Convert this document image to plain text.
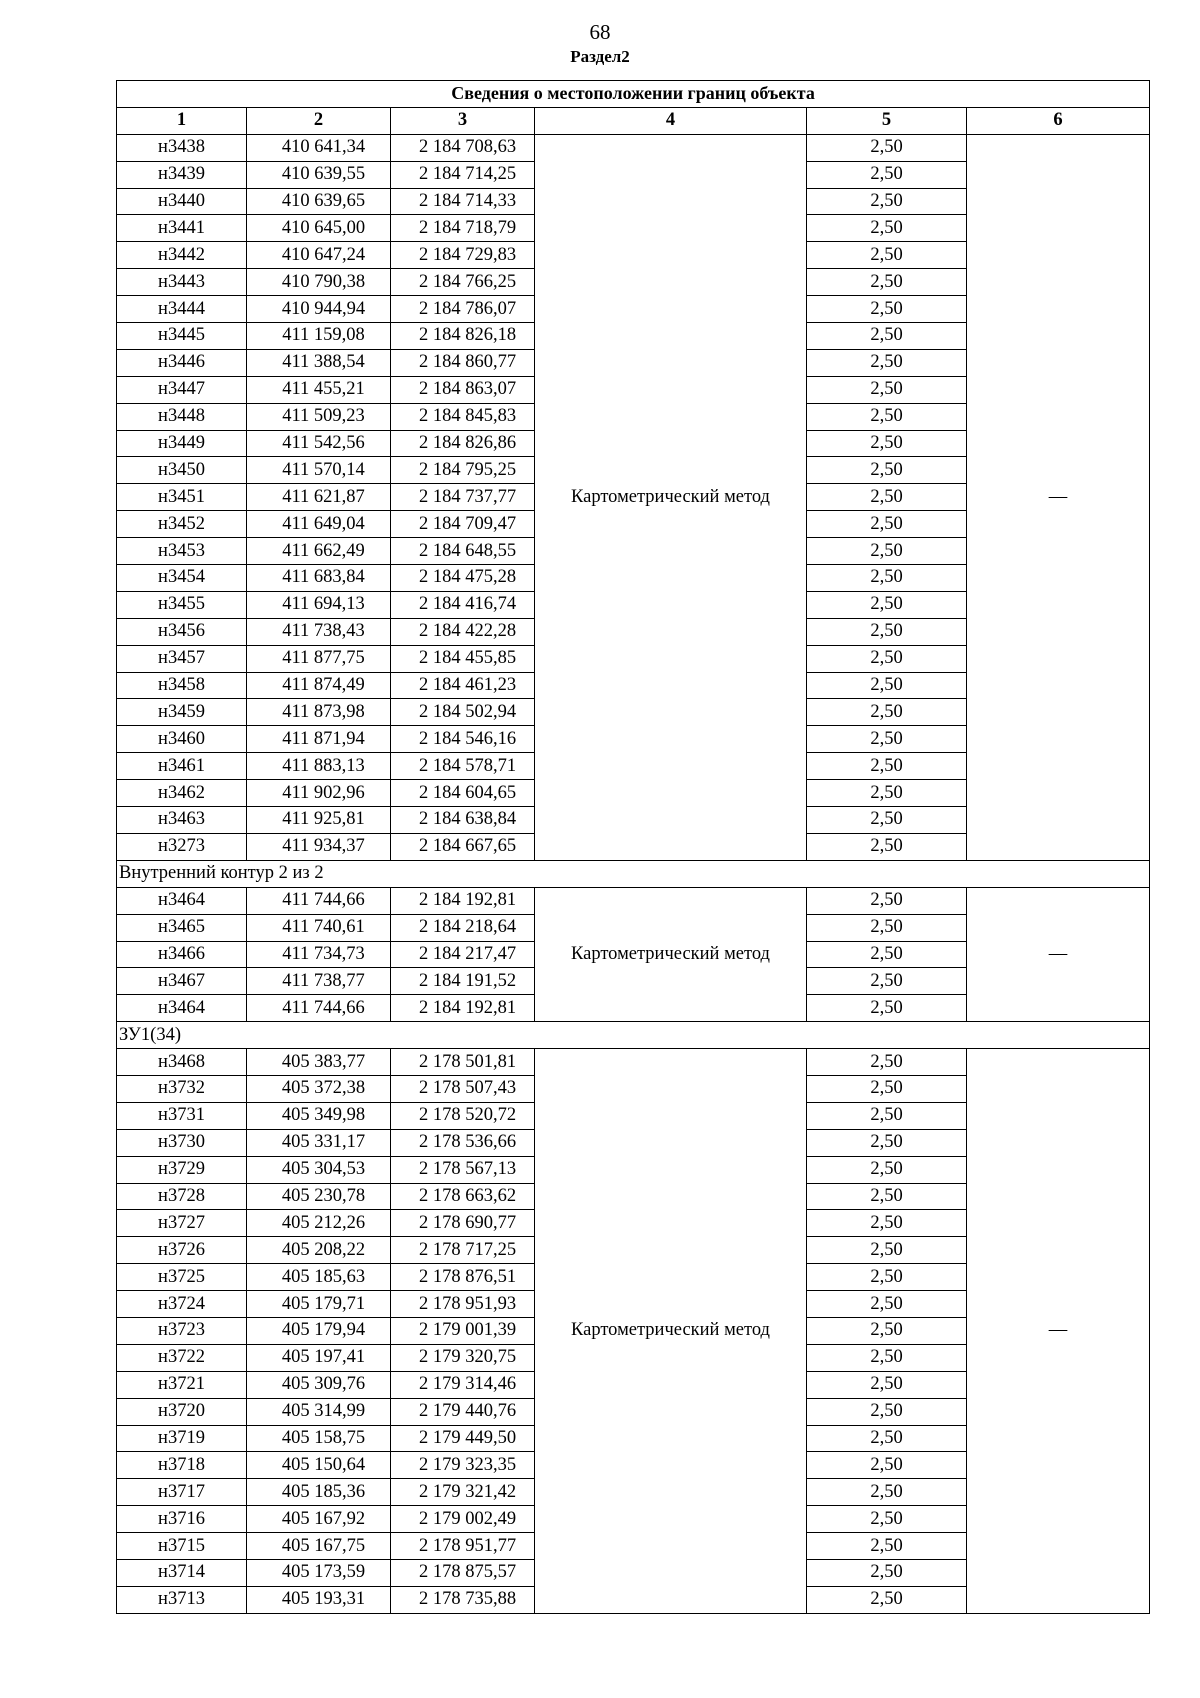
68
Раздел2
Сведения о местоположении границ объекта					
1	2	3	4	5	6
н3438	410 641,34	2 184 708,63	Картометрический метод	2,50	—
н3439	410 639,55	2 184 714,25		2,50	
н3440	410 639,65	2 184 714,33		2,50	
н3441	410 645,00	2 184 718,79		2,50	
н3442	410 647,24	2 184 729,83		2,50	
н3443	410 790,38	2 184 766,25		2,50	
н3444	410 944,94	2 184 786,07		2,50	
н3445	411 159,08	2 184 826,18		2,50	
н3446	411 388,54	2 184 860,77		2,50	
н3447	411 455,21	2 184 863,07		2,50	
н3448	411 509,23	2 184 845,83		2,50	
н3449	411 542,56	2 184 826,86		2,50	
н3450	411 570,14	2 184 795,25		2,50	
н3451	411 621,87	2 184 737,77		2,50	
н3452	411 649,04	2 184 709,47		2,50	
н3453	411 662,49	2 184 648,55		2,50	
н3454	411 683,84	2 184 475,28		2,50	
н3455	411 694,13	2 184 416,74		2,50	
н3456	411 738,43	2 184 422,28		2,50	
н3457	411 877,75	2 184 455,85		2,50	
н3458	411 874,49	2 184 461,23		2,50	
н3459	411 873,98	2 184 502,94		2,50	
н3460	411 871,94	2 184 546,16		2,50	
н3461	411 883,13	2 184 578,71		2,50	
н3462	411 902,96	2 184 604,65		2,50	
н3463	411 925,81	2 184 638,84		2,50	
н3273	411 934,37	2 184 667,65		2,50	
Внутренний контур 2 из 2					
н3464	411 744,66	2 184 192,81	Картометрический метод	2,50	—
н3465	411 740,61	2 184 218,64		2,50	
н3466	411 734,73	2 184 217,47		2,50	
н3467	411 738,77	2 184 191,52		2,50	
н3464	411 744,66	2 184 192,81		2,50	
ЗУ1(34)					
н3468	405 383,77	2 178 501,81	Картометрический метод	2,50	—
н3732	405 372,38	2 178 507,43		2,50	
н3731	405 349,98	2 178 520,72		2,50	
н3730	405 331,17	2 178 536,66		2,50	
н3729	405 304,53	2 178 567,13		2,50	
н3728	405 230,78	2 178 663,62		2,50	
н3727	405 212,26	2 178 690,77		2,50	
н3726	405 208,22	2 178 717,25		2,50	
н3725	405 185,63	2 178 876,51		2,50	
н3724	405 179,71	2 178 951,93		2,50	
н3723	405 179,94	2 179 001,39		2,50	
н3722	405 197,41	2 179 320,75		2,50	
н3721	405 309,76	2 179 314,46		2,50	
н3720	405 314,99	2 179 440,76		2,50	
н3719	405 158,75	2 179 449,50		2,50	
н3718	405 150,64	2 179 323,35		2,50	
н3717	405 185,36	2 179 321,42		2,50	
н3716	405 167,92	2 179 002,49		2,50	
н3715	405 167,75	2 178 951,77		2,50	
н3714	405 173,59	2 178 875,57		2,50	
н3713	405 193,31	2 178 735,88		2,50	
